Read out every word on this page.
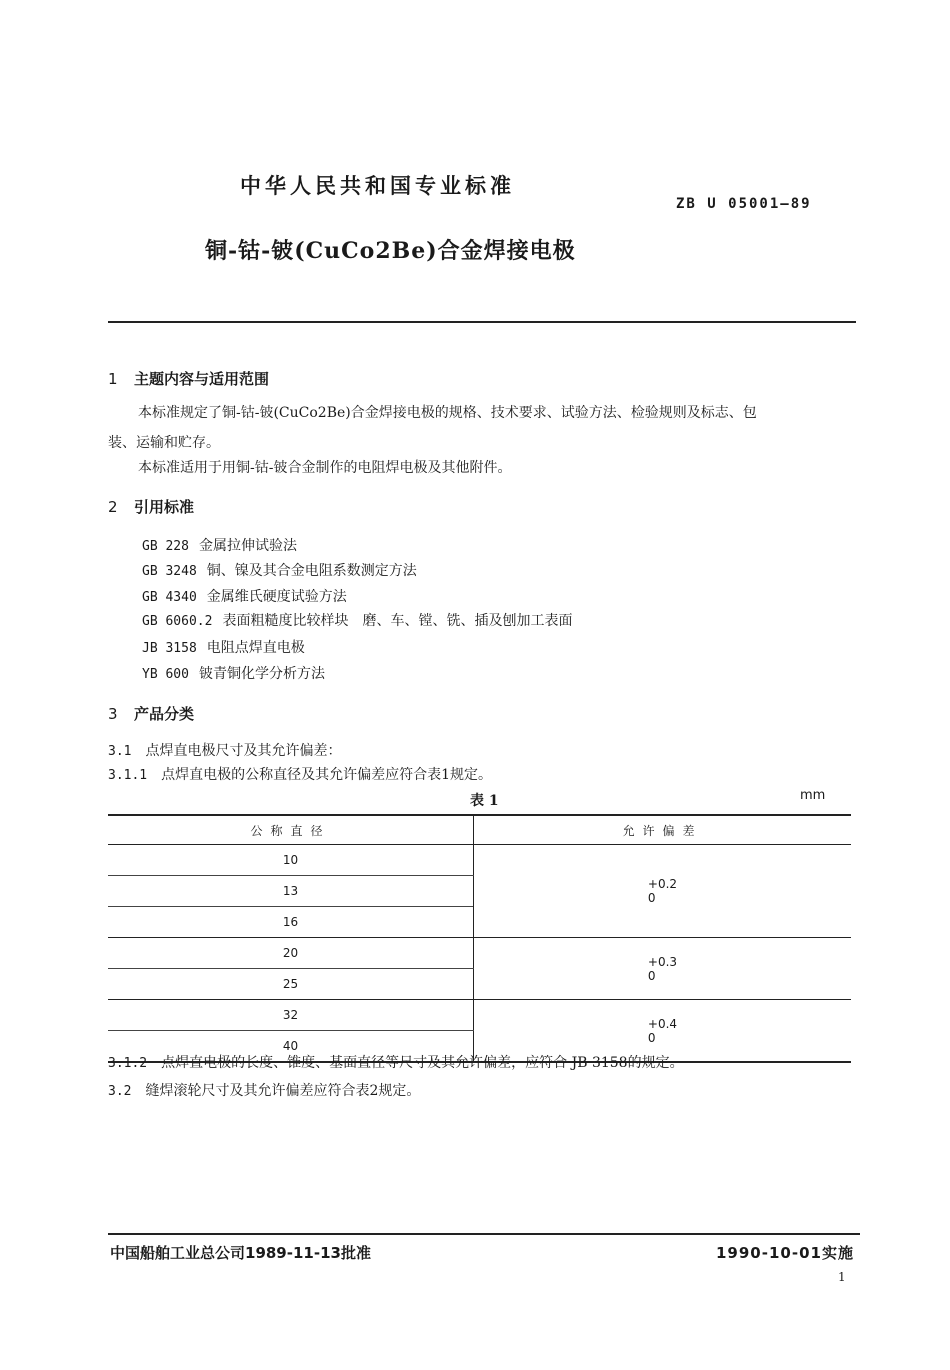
中华人民共和国专业标准
ZB U 05001—89
铜-钴-铍(CuCo2Be)合金焊接电极
1 主题内容与适用范围
本标准规定了铜-钴-铍(CuCo2Be)合金焊接电极的规格、技术要求、试验方法、检验规则及标志、包
装、运输和贮存。
本标准适用于用铜-钴-铍合金制作的电阻焊电极及其他附件。
2 引用标准
GB 228 金属拉伸试验法
GB 3248 铜、镍及其合金电阻系数测定方法
GB 4340 金属维氏硬度试验方法
GB 6060.2 表面粗糙度比较样块　磨、车、镗、铣、插及刨加工表面
JB 3158 电阻点焊直电极
YB 600 铍青铜化学分析方法
3 产品分类
3.1 点焊直电极尺寸及其允许偏差：
3.1.1 点焊直电极的公称直径及其允许偏差应符合表1规定。
表 1	mm
公称直径	允许偏差
10	+0.2
0
13	
16	
20	+0.3
0
25	
32	+0.4
0
40	
3.1.2 点焊直电极的长度、锥度、基面直径等尺寸及其允许偏差，应符合 JB 3158的规定。
3.2 缝焊滚轮尺寸及其允许偏差应符合表2规定。
中国船舶工业总公司1989-11-13批准	1990-10-01实施
1
